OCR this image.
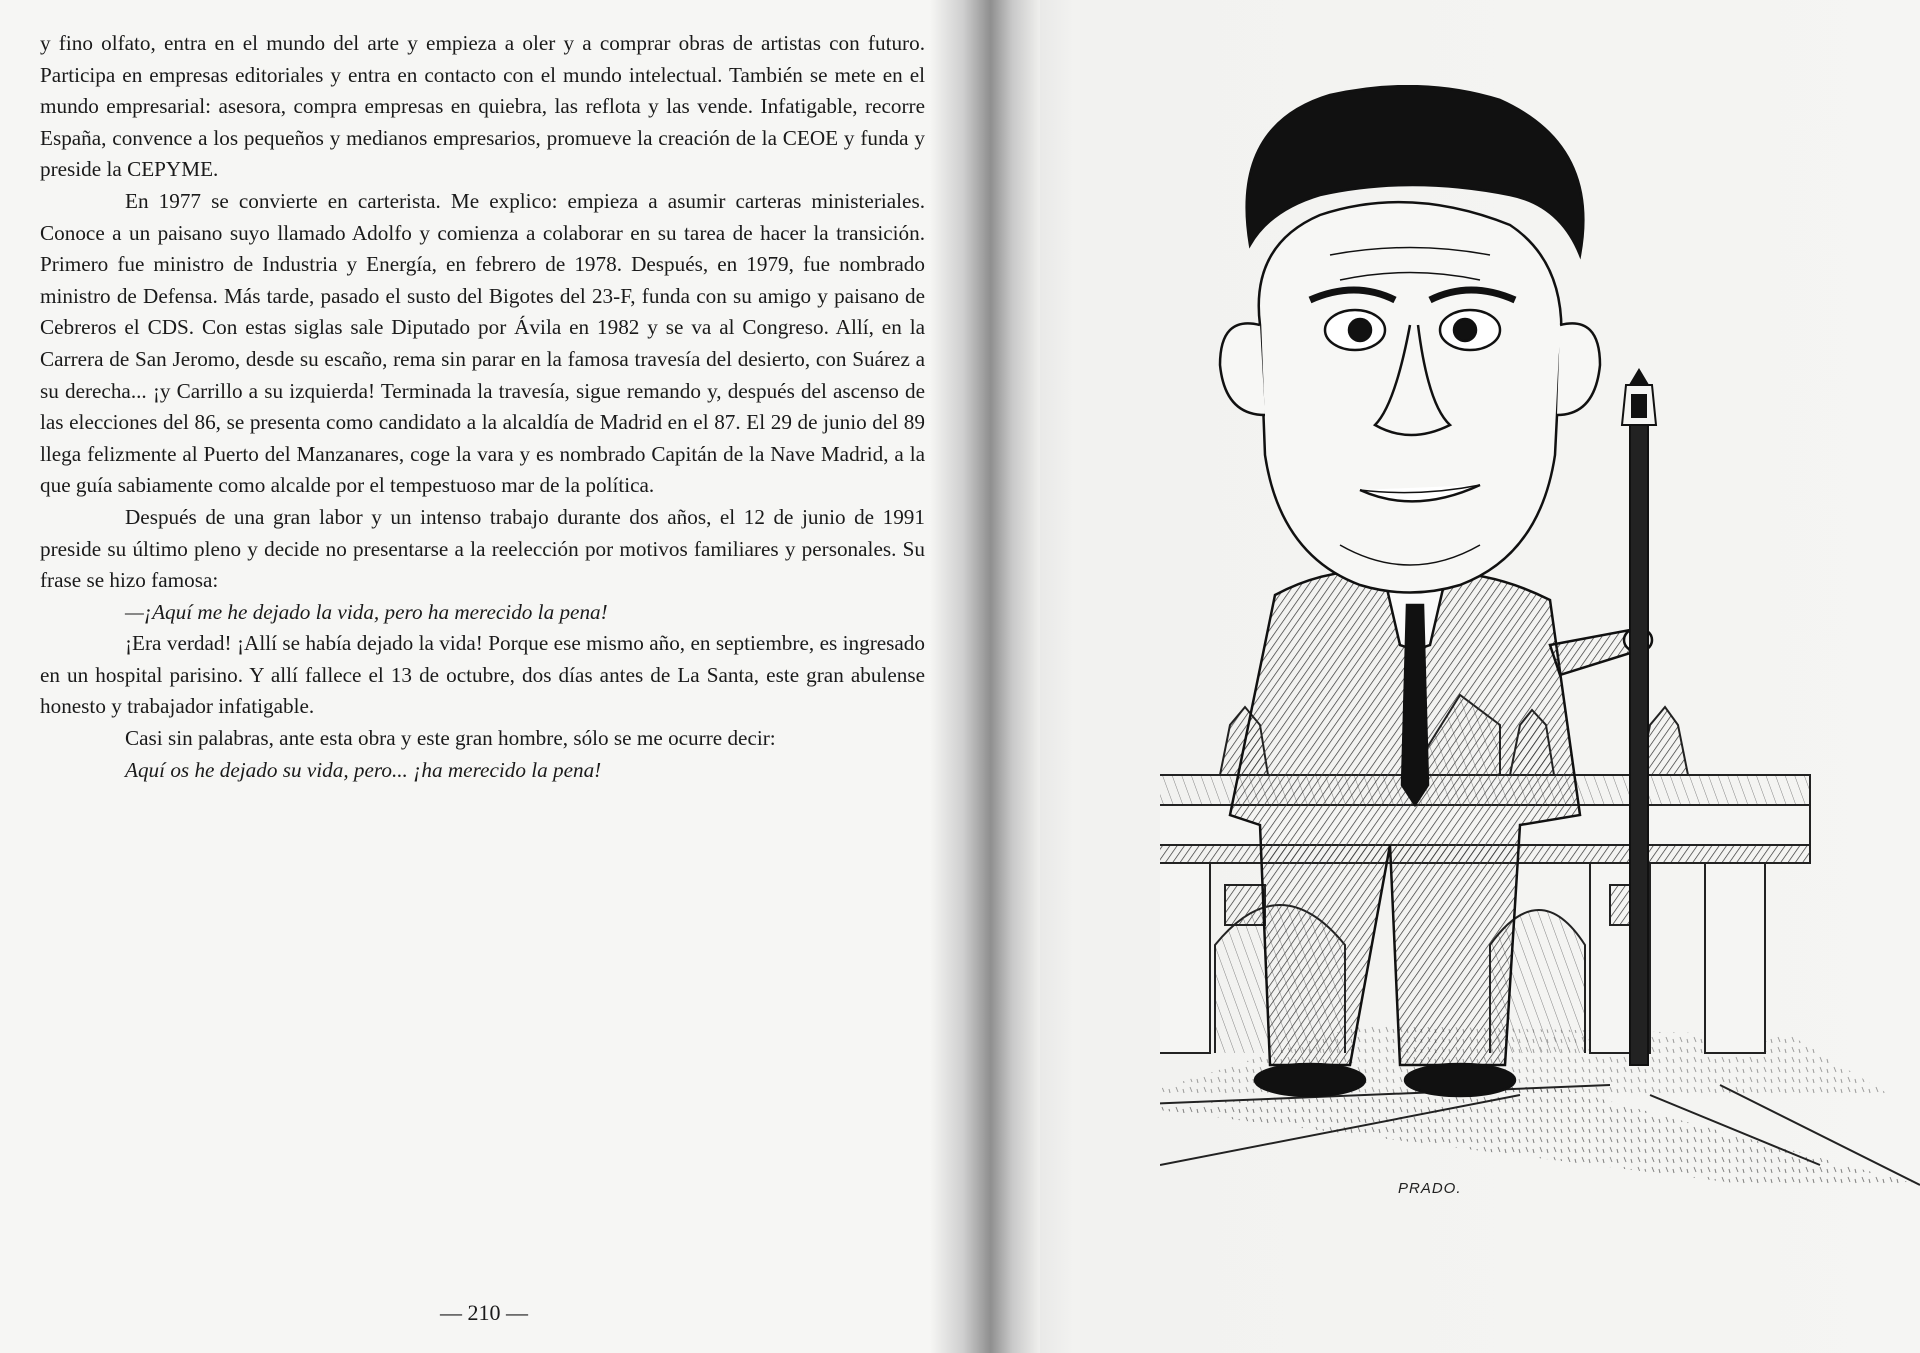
y fino olfato, entra en el mundo del arte y empieza a oler y a comprar obras de artistas con futuro. Participa en empresas editoriales y entra en contacto con el mundo intelectual. También se mete en el mundo empresarial: asesora, compra empresas en quiebra, las reflota y las vende. Infatigable, recorre España, convence a los pequeños y medianos empresarios, promueve la creación de la CEOE y funda y preside la CEPYME.

En 1977 se convierte en carterista. Me explico: empieza a asumir carteras ministeriales. Conoce a un paisano suyo llamado Adolfo y comienza a colaborar en su tarea de hacer la transición. Primero fue ministro de Industria y Energía, en febrero de 1978. Después, en 1979, fue nombrado ministro de Defensa. Más tarde, pasado el susto del Bigotes del 23-F, funda con su amigo y paisano de Cebreros el CDS. Con estas siglas sale Diputado por Ávila en 1982 y se va al Congreso. Allí, en la Carrera de San Jeromo, desde su escaño, rema sin parar en la famosa travesía del desierto, con Suárez a su derecha... ¡y Carrillo a su izquierda! Terminada la travesía, sigue remando y, después del ascenso de las elecciones del 86, se presenta como candidato a la alcaldía de Madrid en el 87. El 29 de junio del 89 llega felizmente al Puerto del Manzanares, coge la vara y es nombrado Capitán de la Nave Madrid, a la que guía sabiamente como alcalde por el tempestuoso mar de la política.

Después de una gran labor y un intenso trabajo durante dos años, el 12 de junio de 1991 preside su último pleno y decide no presentarse a la reelección por motivos familiares y personales. Su frase se hizo famosa:

—¡Aquí me he dejado la vida, pero ha merecido la pena!

¡Era verdad! ¡Allí se había dejado la vida! Porque ese mismo año, en septiembre, es ingresado en un hospital parisino. Y allí fallece el 13 de octubre, dos días antes de La Santa, este gran abulense honesto y trabajador infatigable.

Casi sin palabras, ante esta obra y este gran hombre, sólo se me ocurre decir:

Aquí os he dejado su vida, pero... ¡ha merecido la pena!

— 210 —
PRADO.
